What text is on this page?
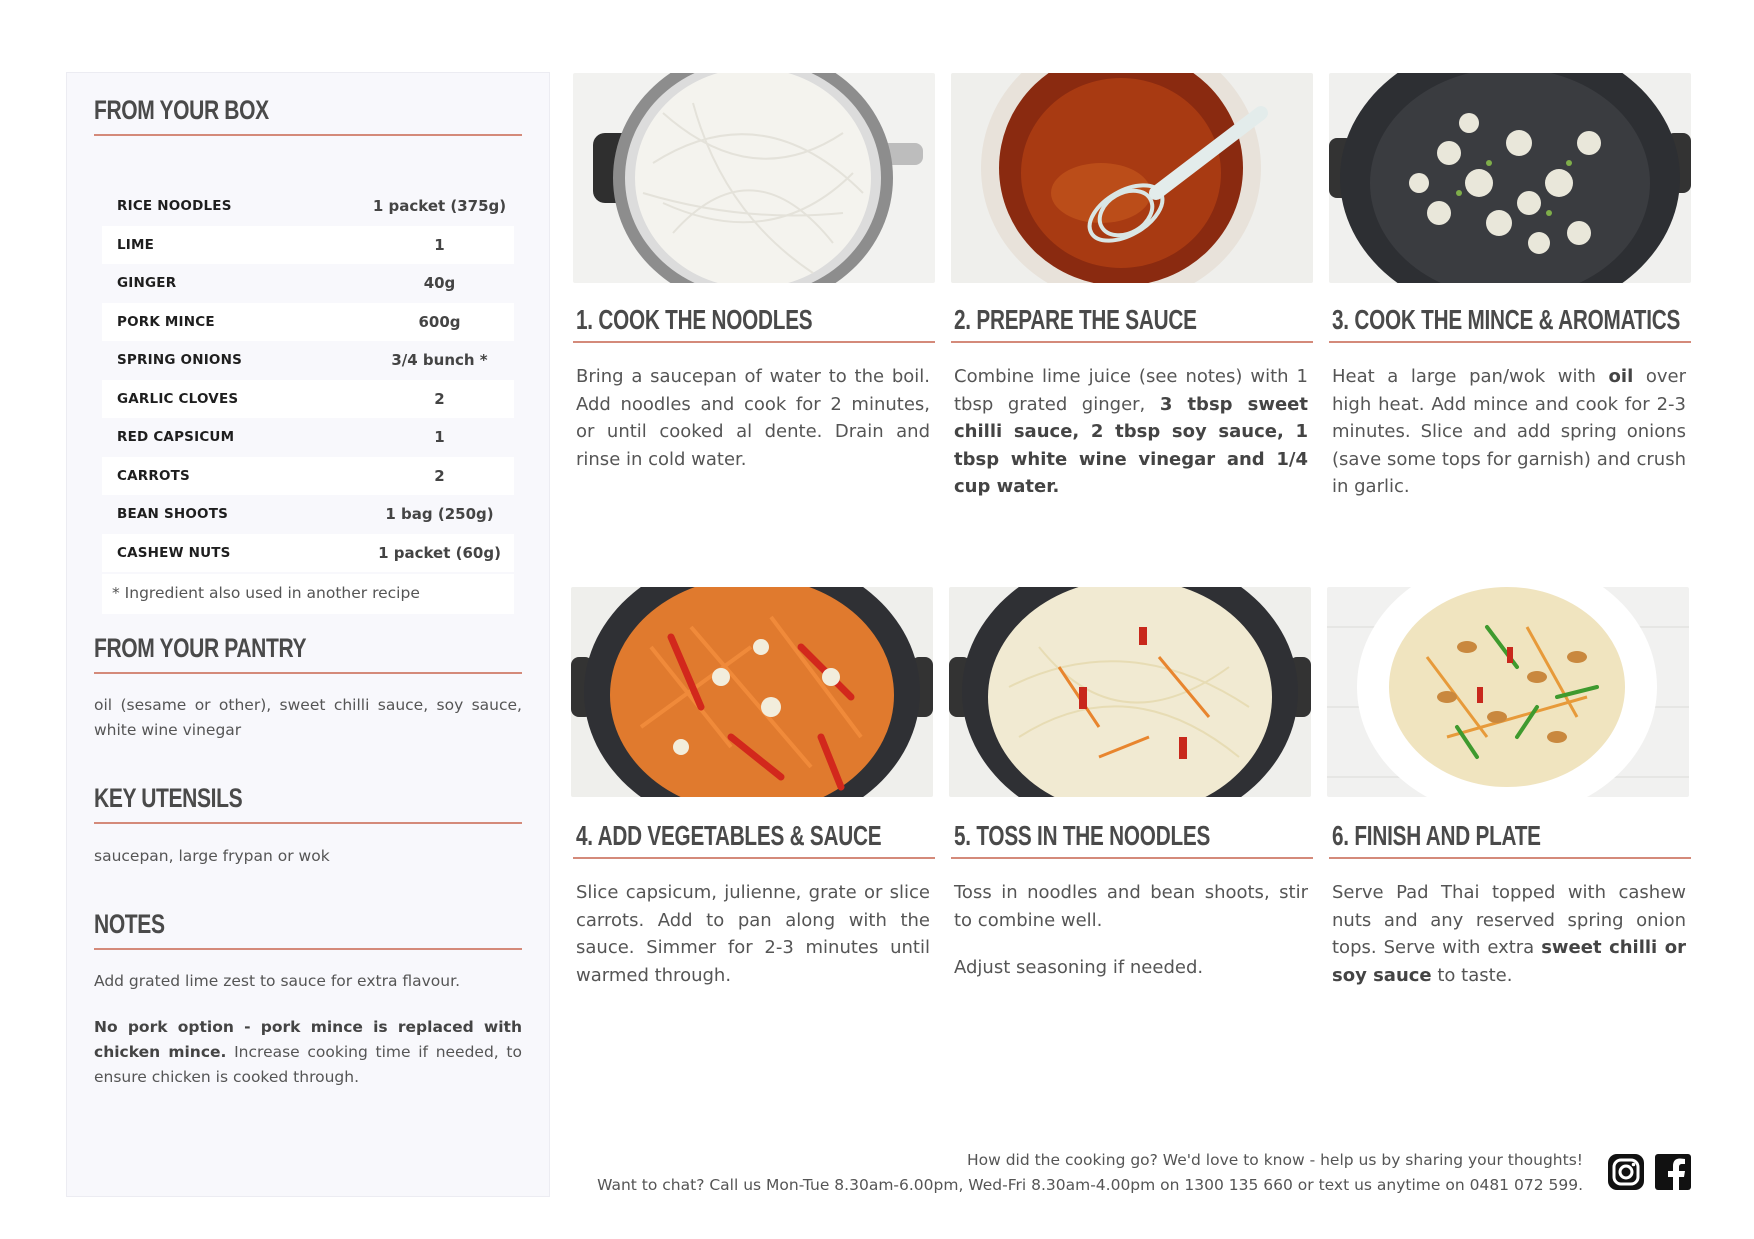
FROM YOUR BOX
RICE NOODLES	1 packet (375g)
LIME	1
GINGER	40g
PORK MINCE	600g
SPRING ONIONS	3/4 bunch *
GARLIC CLOVES	2
RED CAPSICUM	1
CARROTS	2
BEAN SHOOTS	1 bag (250g)
CASHEW NUTS	1 packet (60g)
* Ingredient also used in another recipe
FROM YOUR PANTRY
oil (sesame or other), sweet chilli sauce, soy sauce, white wine vinegar
KEY UTENSILS
saucepan, large frypan or wok
NOTES
Add grated lime zest to sauce for extra flavour.
No pork option - pork mince is replaced with chicken mince. Increase cooking time if needed, to ensure chicken is cooked through.
1. COOK THE NOODLES	2. PREPARE THE SAUCE	3. COOK THE MINCE & AROMATICS
Bring a saucepan of water to the boil. Add noodles and cook for 2 minutes, or until cooked al dente. Drain and rinse in cold water.
Combine lime juice (see notes) with 1 tbsp grated ginger, 3 tbsp sweet chilli sauce, 2 tbsp soy sauce, 1 tbsp white wine vinegar and 1/4 cup water.
Heat a large pan/wok with oil over high heat. Add mince and cook for 2-3 minutes. Slice and add spring onions (save some tops for garnish) and crush in garlic.
4. ADD VEGETABLES & SAUCE	5. TOSS IN THE NOODLES	6. FINISH AND PLATE
Slice capsicum, julienne, grate or slice carrots. Add to pan along with the sauce. Simmer for 2-3 minutes until warmed through.

Toss in noodles and bean shoots, stir to combine well.

Adjust seasoning if needed.

Serve Pad Thai topped with cashew nuts and any reserved spring onion tops. Serve with extra sweet chilli or soy sauce to taste.
How did the cooking go? We'd love to know - help us by sharing your thoughts!
Want to chat? Call us Mon-Tue 8.30am-6.00pm, Wed-Fri 8.30am-4.00pm on 1300 135 660 or text us anytime on 0481 072 599.
